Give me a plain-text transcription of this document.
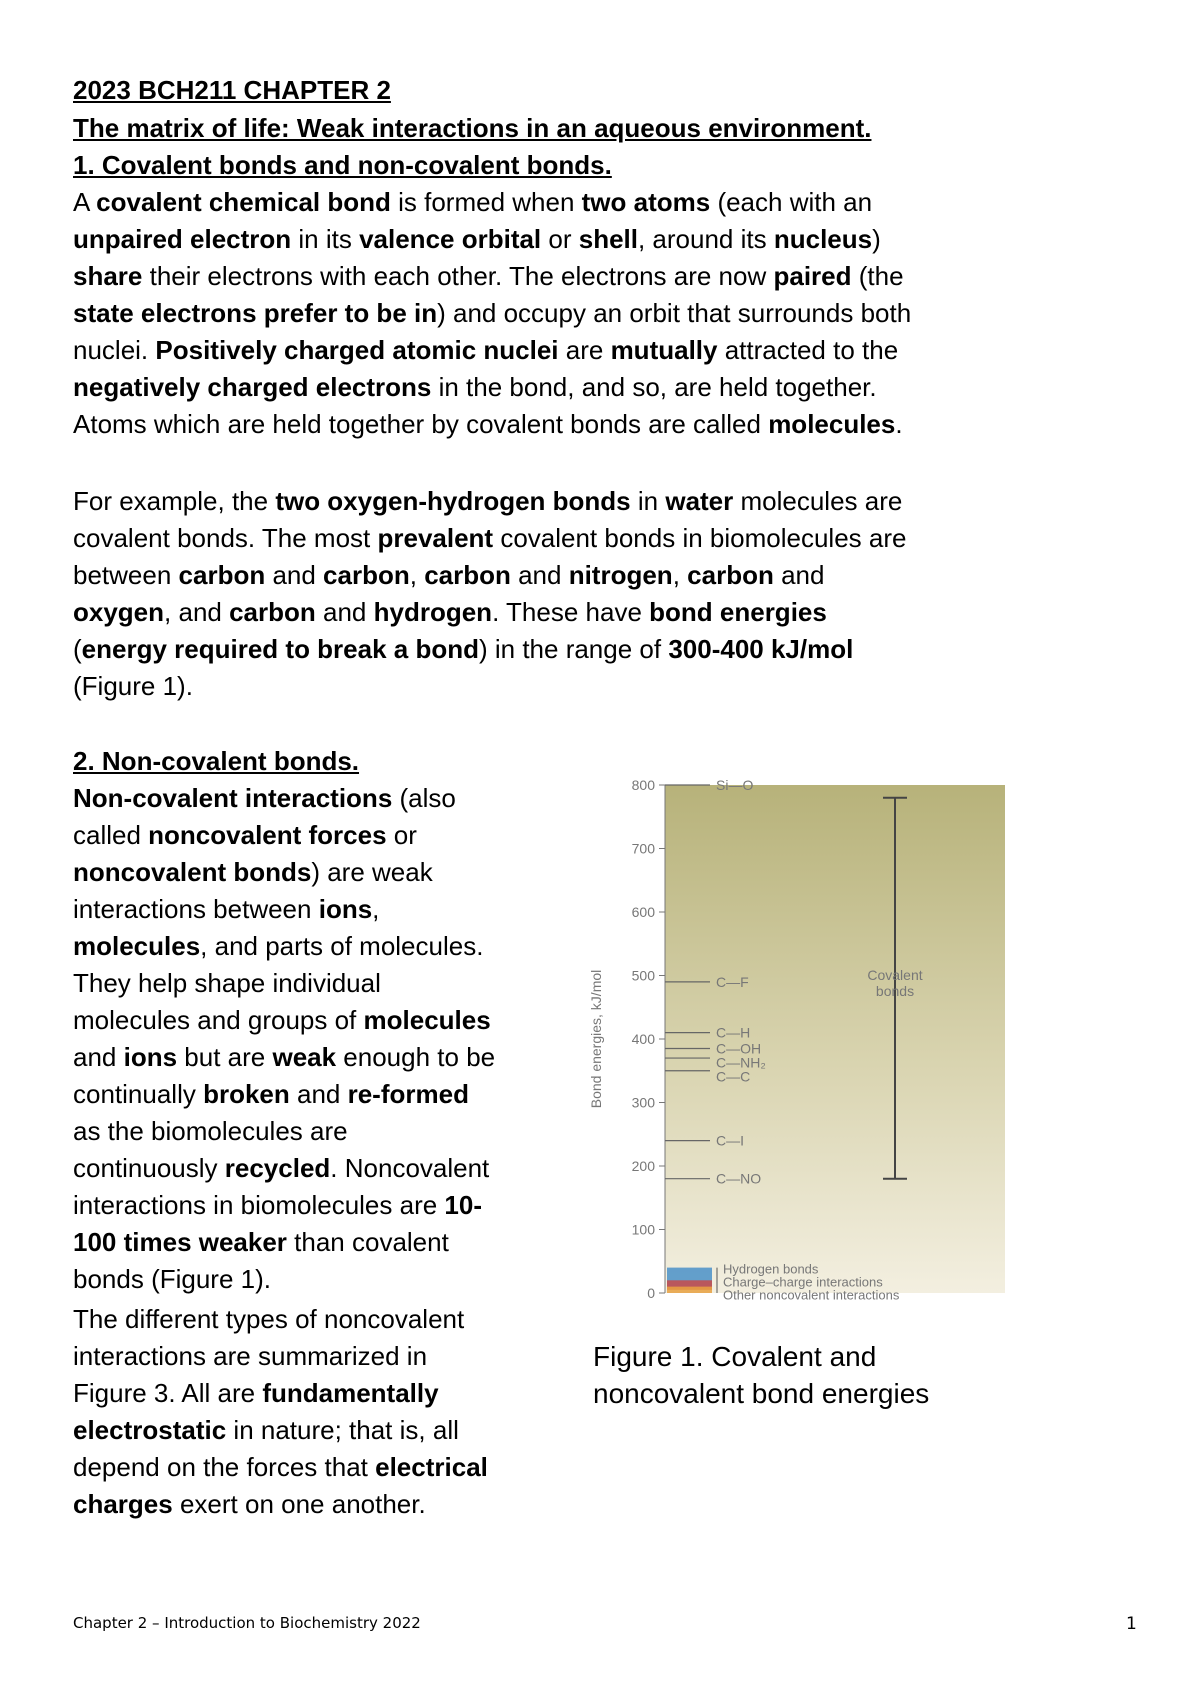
2023 BCH211 CHAPTER 2
The matrix of life: Weak interactions in an aqueous environment.
1. Covalent bonds and non-covalent bonds.
A covalent chemical bond is formed when two atoms (each with an
unpaired electron in its valence orbital or shell, around its nucleus)
share their electrons with each other. The electrons are now paired (the
state electrons prefer to be in) and occupy an orbit that surrounds both
nuclei. Positively charged atomic nuclei are mutually attracted to the
negatively charged electrons in the bond, and so, are held together.
Atoms which are held together by covalent bonds are called molecules.
For example, the two oxygen-hydrogen bonds in water molecules are
covalent bonds. The most prevalent covalent bonds in biomolecules are
between carbon and carbon, carbon and nitrogen, carbon and
oxygen, and carbon and hydrogen. These have bond energies
(energy required to break a bond) in the range of 300-400 kJ/mol
(Figure 1).
2. Non-covalent bonds.
Non-covalent interactions (also
called noncovalent forces or
noncovalent bonds) are weak
interactions between ions,
molecules, and parts of molecules.
They help shape individual
molecules and groups of molecules
and ions but are weak enough to be
continually broken and re-formed
as the biomolecules are
continuously recycled. Noncovalent
interactions in biomolecules are 10-
100 times weaker than covalent
bonds (Figure 1).
The different types of noncovalent
interactions are summarized in
Figure 3. All are fundamentally
electrostatic in nature; that is, all
depend on the forces that electrical
charges exert on one another.
0
100
200
300
400
500
600
700
800
Bond energies, kJ/mol
Si—O
C—F
C—H
C—OH
C—NH₂
C—C
C—I
C—NO
Covalent
bonds
Hydrogen bonds
Charge–charge interactions
Other noncovalent interactions
Figure 1. Covalent and
noncovalent bond energies
Chapter 2 – Introduction to Biochemistry 2022	1
